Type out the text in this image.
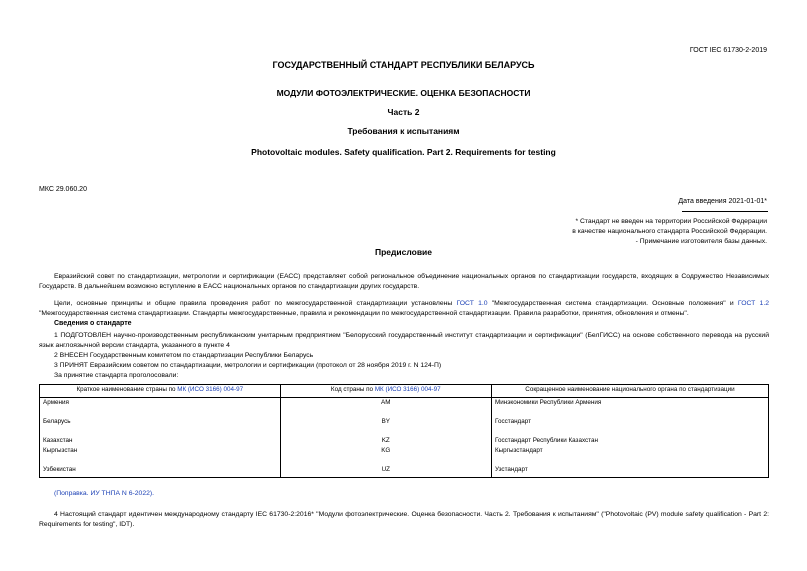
ГОСТ IEC 61730-2-2019
ГОСУДАРСТВЕННЫЙ СТАНДАРТ РЕСПУБЛИКИ БЕЛАРУСЬ
МОДУЛИ ФОТОЭЛЕКТРИЧЕСКИЕ. ОЦЕНКА БЕЗОПАСНОСТИ
Часть 2
Требования к испытаниям
Photovoltaic modules. Safety qualification. Part 2. Requirements for testing
МКС 29.060.20
Дата введения 2021-01-01*
* Стандарт не введен на территории Российской Федерации
в качестве национального стандарта Российской Федерации.
- Примечание изготовителя базы данных.
Предисловие
Евразийский совет по стандартизации, метрологии и сертификации (ЕАСС) представляет собой региональное объединение национальных органов по стандартизации государств, входящих в Содружество Независимых Государств. В дальнейшем возможно вступление в ЕАСС национальных органов по стандартизации других государств.
Цели, основные принципы и общие правила проведения работ по межгосударственной стандартизации установлены ГОСТ 1.0 "Межгосударственная система стандартизации. Основные положения" и ГОСТ 1.2 "Межгосударственная система стандартизации. Стандарты межгосударственные, правила и рекомендации по межгосударственной стандартизации. Правила разработки, принятия, обновления и отмены".
Сведения о стандарте
1 ПОДГОТОВЛЕН научно-производственным республиканским унитарным предприятием "Белорусский государственный институт стандартизации и сертификации" (БелГИСС) на основе собственного перевода на русский язык англоязычной версии стандарта, указанного в пункте 4
2 ВНЕСЕН Государственным комитетом по стандартизации Республики Беларусь
3 ПРИНЯТ Евразийским советом по стандартизации, метрологии и сертификации (протокол от 28 ноября 2019 г. N 124-П)
За принятие стандарта проголосовали:
Краткое наименование страны по МК (ИСО 3166) 004-97	Код страны по МК (ИСО 3166) 004-97	Сокращенное наименование национального органа по стандартизации
Армения	AM	Минэкономики Республики Армения
Беларусь	BY	Госстандарт
Казахстан	KZ	Госстандарт Республики Казахстан
Кыргызстан	KG	Кыргызстандарт
Узбекистан	UZ	Узстандарт
(Поправка. ИУ ТНПА N 6-2022).
4 Настоящий стандарт идентичен международному стандарту IEC 61730-2:2016* "Модули фотоэлектрические. Оценка безопасности. Часть 2. Требования к испытаниям" ("Photovoltaic (PV) module safety qualification - Part 2: Requirements for testing", IDT).
